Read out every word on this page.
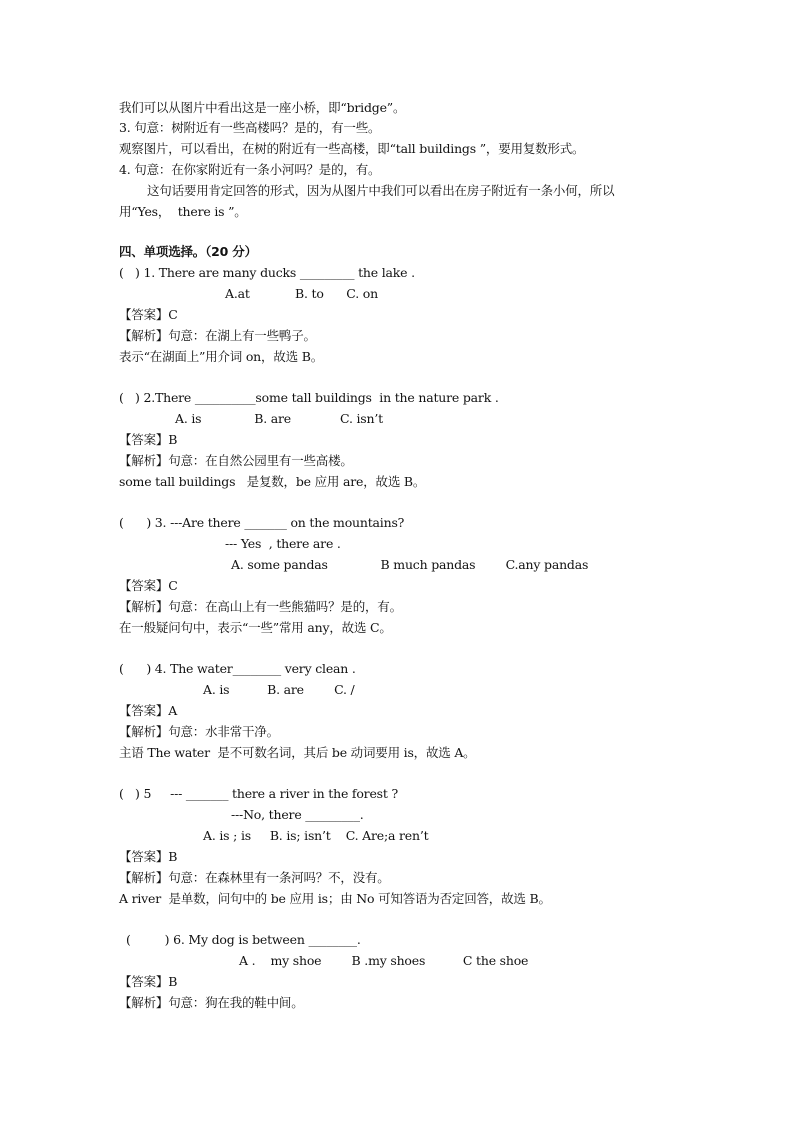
我们可以从图片中看出这是一座小桥，即“bridge”。
3. 句意：树附近有一些高楼吗？是的，有一些。
观察图片，可以看出，在树的附近有一些高楼，即“tall buildings ”，要用复数形式。
4. 句意：在你家附近有一条小河吗？是的，有。
这句话要用肯定回答的形式，因为从图片中我们可以看出在房子附近有一条小何，所以
用“Yes，  there is ”。
四、单项选择。（20 分）
(   ) 1. There are many ducks _________ the lake .
A.at            B. to      C. on
【答案】C
【解析】句意：在湖上有一些鸭子。
表示“在湖面上”用介词 on，故选 B。
(   ) 2.There __________some tall buildings  in the nature park .
A. is              B. are             C. isn’t
【答案】B
【解析】句意：在自然公园里有一些高楼。
some tall buildings   是复数，be 应用 are，故选 B。
(      ) 3. ---Are there _______ on the mountains?
--- Yes  , there are .
A. some pandas              B much pandas        C.any pandas
【答案】C
【解析】句意：在高山上有一些熊猫吗？是的，有。
在一般疑问句中，表示“一些”常用 any，故选 C。
(      ) 4. The water________ very clean .
A. is          B. are        C. /
【答案】A
【解析】句意：水非常干净。
主语 The water  是不可数名词，其后 be 动词要用 is，故选 A。
(   ) 5     --- _______ there a river in the forest ?
---No, there _________.
A. is ; is     B. is; isn’t    C. Are;a ren’t
【答案】B
【解析】句意：在森林里有一条河吗？不，没有。
A river  是单数，问句中的 be 应用 is；由 No 可知答语为否定回答，故选 B。
(         ) 6. My dog is between ________.
A .    my shoe        B .my shoes          C the shoe
【答案】B
【解析】句意：狗在我的鞋中间。
